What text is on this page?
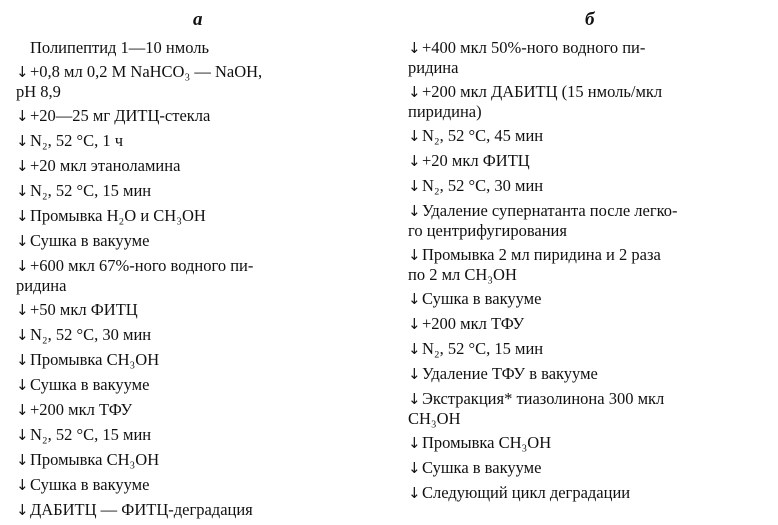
a	б
Полипептид 1—10 нмоль
↓+0,8 мл 0,2 М NaHCO₃ — NaOH,
pH 8,9
↓+20—25 мг ДИТЦ-стекла
↓N₂, 52 °С, 1 ч
↓+20 мкл этаноламина
↓N₂, 52 °С, 15 мин
↓Промывка H₂O и CH₃OH
↓Сушка в вакууме
↓+600 мкл 67%-ного водного пи-
ридина
↓+50 мкл ФИТЦ
↓N₂, 52 °С, 30 мин
↓Промывка CH₃OH
↓Сушка в вакууме
↓+200 мкл ТФУ
↓N₂, 52 °С, 15 мин
↓Промывка CH₃OH
↓Сушка в вакууме
↓ДАБИТЦ — ФИТЦ-деградация
↓+400 мкл 50%-ного водного пи-
ридина
↓+200 мкл ДАБИТЦ (15 нмоль/мкл
пиридина)
↓N₂, 52 °С, 45 мин
↓+20 мкл ФИТЦ
↓N₂, 52 °С, 30 мин
↓Удаление супернатанта после легко-
го центрифугирования
↓Промывка 2 мл пиридина и 2 раза
по 2 мл CH₃OH
↓Сушка в вакууме
↓+200 мкл ТФУ
↓N₂, 52 °С, 15 мин
↓Удаление ТФУ в вакууме
↓Экстракция* тиазолинона 300 мкл
CH₃OH
↓Промывка CH₃OH
↓Сушка в вакууме
↓Следующий цикл деградации
